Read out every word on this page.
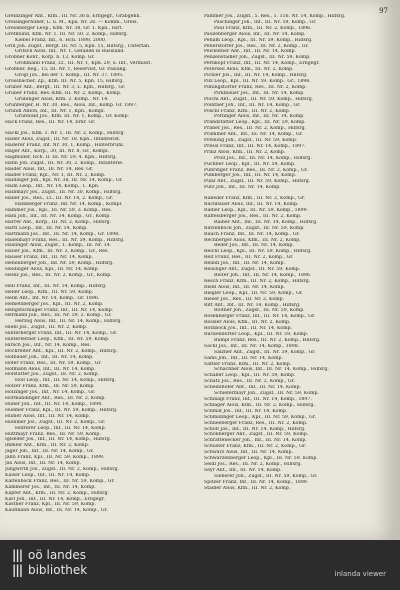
97
Greinzinger Ant., Kfm., IIl. Nr. 36 b, Erbgegr., Grabgehn.
Greisingerhuber, L. u. M., Kpa. Nr. 26. — Komm., Greis.
Greilsberger Leop., Kfm. Nr. 38, Gr. 1. Kpn., Hirt.
Gretmund, Kfm. Nr. 1. III. Nr. 50, 2. Komp., Hilfsrg.
Kiebel Franz, Inf., 6. Hch. 1898, 2000.
Grill Joh. Zugsf., Bergf. III. Nr. 5, Kpn. 15, Hilfsrg., Untertan.
Gritsch Alois, Inf., Nr. 1, Gefallen in Russland.
Grobner Konr., Korp. b. 13, Komp. Gr.
Grohmann Franz, Lt., III. Nr. 1, Kpn. 29, u. Inf., Vermisst.
Gröbner, Reg., 15, III. Nr. 1, Reservist, Gr. Paslang.
Grögl Jos., bei der 1. Komp., III. Nr. 37, 1895.
Grossbacher, Zp., Kfm. III. Nr. 5, Kpn. 15, Hilfsrg.
Gruber Ant., Bergf., III. Nr. 3, L. Kpn., Hilfsrg., Gr.
Gruber Franz, Res.-Kfm. III. Nr. 2, Komp., Komp.
Grubinger Alois, Kfm. 2. Komp., Nr. 14.
Grünberger, H. Nr. 30, Res., Alois, Inf., Komp. Gr. 1897.
Gründl Anton, Inf., III. Nr. 1, Kpn., Kompl.
Grünwald Jos., Kfm. III. Nr. 1, Komp., Gr. Komp.
Hack Franz, Res., III. Nr. 14, Erkr. Gr.
Hackl Jos., Kfm. 1. Nr. 1, III. Nr. 2, Komp., Hilfsrg.
Häder Alois, Zugsf., IIl. Nr. 18. Kpn., Infanterist.
Haderer Franz, Inf. Nr. 30, 1, Komp., Hinterbrühl.
Hager Ant., Korp., 30, III. Nr. 8, Gr., Kompl.
Hagmüller, Hch. II. III. Nr. 59, 4. Kpn., Hilfsrg.
Hahn Joh. Zugsf., III. Nr. 30, 2. Komp., Infanterie.
Haider Alois, Inf., IIl. Nr. 14, Res. Gr.
Haider Franz, Kpl., Nr. 1, III. Nr. 2, Komp.
Haidinger Joh., Kpl. Nr. 38, III. Nr. 14, Komp., Gr.
Haim Leop., Inf., Nr. 14, Komp., 1. Kpn.
Halbmayr Jos., Zugsf., III. Nr. 30, Komp., Hilfsrg.
Haller Jos., Res., Lt., III. Nr. 14, 2. Komp., Gr.
Hamberger Franz, Inf. Nr. 14, Komp., Kompl.
Hammer Jos., Kpl., III. Nr. 59, 3. Komp., Res.
Hanl Joh., Inf., III. Nr. 14, Komp., Gr., Komp.
Harrer Ant., Korp., III. Nr. 2, Komp., Hilfsrg.
Hartl Leop., Inf., III. Nr. 14, Komp.
Hartmann Jos., Inf., III. Nr. 14, Komp., Gr. 1898.
Haselmayr Franz, Res., III. Nr. 59, Komp., Hilfsrg.
Haslinger Alois, Zugsf., 1. Komp., III. Nr. 14.
Hauer Jos., Kfm., III. Nr. 2, Komp., Gr., Res.
Hauser Franz, Inf., III. Nr. 14, Komp.
Hehenberger Joh., Inf. Nr. 59, Komp., Hilfsrg.
Heidinger Alois, Kpl., III. Nr. 14, Komp.
Heinz Jos., Res., III. Nr. 2, Komp., Gr., Komp.
Hell Franz, Inf., III. Nr. 14, Komp., Hilfsrg.
Heller Leop., Kfm., III. Nr. 59, Komp.
Helm Ant., Inf. Nr. 14, Komp., Gr. 1896.
Hemetsberger Jos., Kpl., III. Nr. 2, Komp.
Hengstschläger Franz, Inf., III. Nr. 14, Komp.
Hermann Joh., Res., III. Nr. 59, 2. Komp., Gr.
Herzog Alois, Inf., III. Nr. 14, Komp., Hilfsrg.
Hiebl Jos., Zugsf., III. Nr. 2, Komp.
Hinterberger Franz, Inf., III. Nr. 14, Komp., Gr.
Hinterleitner Leop., Kfm., III. Nr. 59, Komp.
Hirsch Jos., Inf., Nr. 14, Komp., Res.
Hochreiter Ant., Kpl., III. Nr. 2, Komp., Hilfsrg.
Hofbauer Joh., Inf., III. Nr. 14, Komp.
Hofer Franz, Res., III. Nr. 59, Komp., Gr.
Hofmann Alois, Inf., III. Nr. 14, Komp.
Hofstätter Jos., Zugsf., III. Nr. 2, Komp.
Holl Leop., Inf., III. Nr. 14, Komp., Hilfsrg.
Holzer Franz, Kfm., III. Nr. 59, Komp.
Holzinger Jos., Inf., Nr. 14, Komp., Gr.
Hörmandinger Ant., Res., III. Nr. 2, Komp.
Huber Joh., Inf., III. Nr. 14, Komp., 1898.
Huemer Franz, Kpl., III. Nr. 59, Komp., Hilfsrg.
Humer Alois, Inf., III. Nr. 14, Komp.
Hummer Jos., Zugsf., III. Nr. 2, Komp., Gr.
Hutterer Leop., Inf., III. Nr. 14, Komp.
Hüttmayr Franz, Res., III. Nr. 59, Komp.
Iglseder Jos., Inf., III. Nr. 14, Komp., Hilfsrg.
Immler Ant., Kfm., III. Nr. 2, Komp.
Jäger Joh., Inf., III. Nr. 14, Komp., Gr.
Jahn Franz, Kpl., III. Nr. 59, Komp., 1899.
Jax Alois, Inf., III. Nr. 14, Komp.
Jungwirth Jos., Zugsf., III. Nr. 2, Komp., Hilfsrg.
Kaiser Leop., Inf., III. Nr. 14, Komp.
Kaltenböck Franz, Res., III. Nr. 59, Komp., Gr.
Kammerer Jos., Inf., III. Nr. 14, Komp.
Kapfer Ant., Kfm., III. Nr. 2, Komp., Hilfsrg.
Karl Joh., Inf., III. Nr. 14, Komp., Erbgegr.
Kastner Franz, Kpl., III. Nr. 59, Komp.
Kaufmann Alois, Inf., III. Nr. 14, Komp., Gr.
Pammer Jos., Zugsf., 5. Res., 1. 116. Nr. 14, Komp., Hilfsrg.
Paschinger Joh., Inf., III. Nr. 59, Komp., Gr.
Paul Franz, Kfm., III. Nr. 2, Komp., 1896.
Pauzenberger Alois, Inf., III. Nr. 14, Komp.
Peham Leop., Kpl., III. Nr. 59, Komp., Hilfsrg.
Peherstorfer Jos., Res., III. Nr. 2, Komp., Gr.
Peirleitner Ant., Inf., III. Nr. 14, Komp.
Penzenstadler Joh., Zugsf., III. Nr. 59, Komp.
Pernkopf Franz, Inf., III. Nr. 14, Komp., Erbgegr.
Peterseil Alois, Kfm., III. Nr. 2, Komp.
Pichler Jos., Inf., III. Nr. 14, Komp., Hilfsrg.
Pilz Leop., Kpl., III. Nr. 59, Komp., Gr., 1898.
Pimingstorfer Franz, Res., III. Nr. 2, Komp.
Pirklbauer Jos., Inf., III. Nr. 14, Komp.
Plöchl Ant., Zugsf., III. Nr. 59, Komp., Hilfsrg.
Pointner Joh., Inf., III. Nr. 14, Komp., Gr.
Pöschl Franz, Kfm., III. Nr. 2, Komp.
Pöttinger Alois, Inf., III. Nr. 14, Komp.
Prandstätter Leop., Kpl., III. Nr. 59, Komp.
Praher Jos., Res., III. Nr. 2, Komp., Hilfsrg.
Prammer Ant., Inf., III. Nr. 14, Komp., Gr.
Preining Joh., Zugsf., III. Nr. 59, Komp.
Pressl Franz, Inf., III. Nr. 14, Komp., 1897.
Prinz Alois, Kfm., III. Nr. 2, Komp.
Pröll Jos., Inf., III. Nr. 14, Komp., Hilfsrg.
Puchner Leop., Kpl., III. Nr. 59, Komp.
Pühringer Franz, Res., III. Nr. 2, Komp., Gr.
Pumberger Jos., Inf., III. Nr. 14, Komp.
Punz Ant., Zugsf., III. Nr. 59, Komp., Hilfsrg.
Putz Joh., Inf., III. Nr. 14, Komp.
Rabeder Franz, Kfm., III. Nr. 2, Komp., Gr.
Rachbauer Alois, Inf., III. Nr. 14, Komp.
Radler Leop., Kpl., III. Nr. 59, Komp., 1899.
Raffelsberger Jos., Res., III. Nr. 2, Komp.
Rainer Ant., Inf., III. Nr. 14, Komp., Hilfsrg.
Ratzenböck Joh., Zugsf., III. Nr. 59, Komp.
Rauch Franz, Inf., III. Nr. 14, Komp., Gr.
Rechberger Alois, Kfm., III. Nr. 2, Komp.
Reder Jos., Inf., III. Nr. 14, Komp.
Reichl Leop., Kpl., III. Nr. 59, Komp., Hilfsrg.
Reif Franz, Res., III. Nr. 2, Komp., Gr.
Reindl Jos., Inf., III. Nr. 14, Komp.
Reisinger Ant., Zugsf., III. Nr. 59, Komp.
Reiter Joh., Inf., III. Nr. 14, Komp., 1896.
Resch Franz, Kfm., III. Nr. 2, Komp., Hilfsrg.
Riedl Alois, Inf., III. Nr. 14, Komp.
Riegler Leop., Kpl., III. Nr. 59, Komp., Gr.
Rieser Jos., Res., III. Nr. 2, Komp.
Ritt Ant., Inf., III. Nr. 14, Komp., Hilfsrg.
Roitner Joh., Zugsf., III. Nr. 59, Komp.
Rosenberger Franz, Inf., III. Nr. 14, Komp., Gr.
Rössler Alois, Kfm., III. Nr. 2, Komp.
Rothböck Jos., Inf., III. Nr. 14, Komp.
Ruckendorfer Leop., Kpl., III. Nr. 59, Komp.
Rumpl Franz, Res., III. Nr. 2, Komp., Hilfsrg.
Sachl Jos., Inf., III. Nr. 14, Komp., 1898.
Salzner Ant., Zugsf., III. Nr. 59, Komp., Gr.
Sams Joh., Inf., III. Nr. 14, Komp.
Sattler Franz, Kfm., III. Nr. 2, Komp.
Schachner Alois, Inf., III. Nr. 14, Komp., Hilfsrg.
Schaller Leop., Kpl., III. Nr. 59, Komp.
Schatz Jos., Res., III. Nr. 2, Komp., Gr.
Scheiblhofer Ant., Inf., III. Nr. 14, Komp.
Schiefermayr Joh., Zugsf., III. Nr. 59, Komp.
Schinagl Franz, Inf., III. Nr. 14, Komp., 1897.
Schlager Alois, Kfm., III. Nr. 2, Komp., Hilfsrg.
Schmid Jos., Inf., III. Nr. 14, Komp.
Schmidinger Leop., Kpl., III. Nr. 59, Komp., Gr.
Schneeberger Franz, Res., III. Nr. 2, Komp.
Schöfl Jos., Inf., III. Nr. 14, Komp., Hilfsrg.
Schönberger Ant., Zugsf., III. Nr. 59, Komp.
Schrattenecker Joh., Inf., III. Nr. 14, Komp.
Schuster Franz, Kfm., III. Nr. 2, Komp., Gr.
Schwarz Alois, Inf., III. Nr. 14, Komp.
Schwarzenberger Leop., Kpl., III. Nr. 59, Komp.
Seidl Jos., Res., III. Nr. 2, Komp., Hilfsrg.
Seyr Ant., Inf., III. Nr. 14, Komp.
Sieberer Joh., Zugsf., III. Nr. 59, Komp., Gr.
Spitzer Franz, Inf., III. Nr. 14, Komp., 1899.
Stadler Alois, Kfm., III. Nr. 2, Komp.
||| oö landes
||| bibliothek	inlanda viewer
